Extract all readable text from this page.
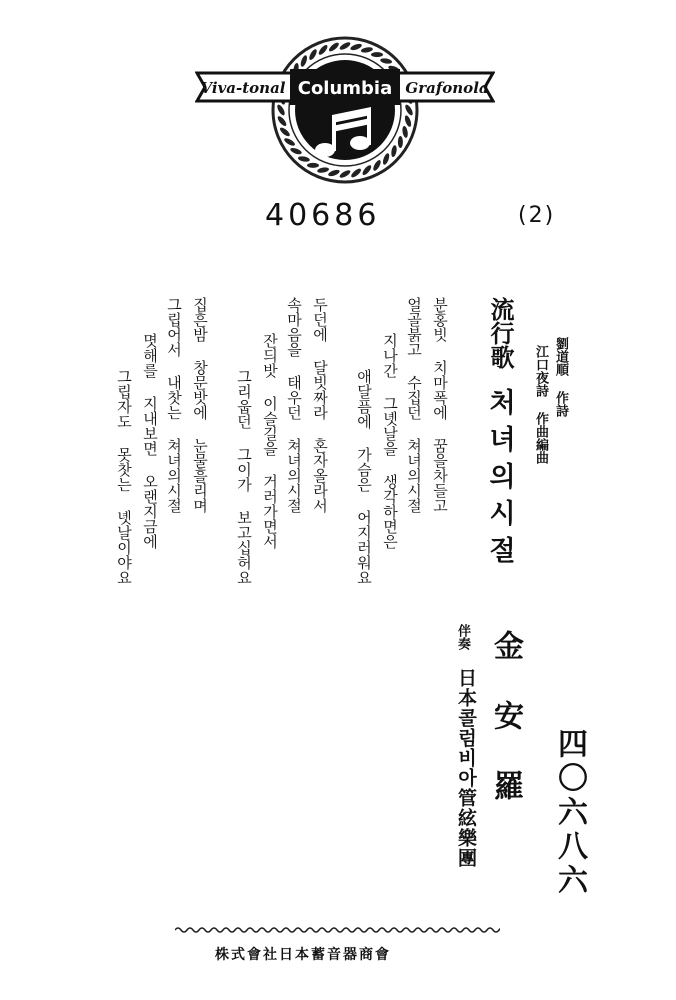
Viva-tonal Columbia Grafonola
40686	(2)
流行歌
처녀의시절
劉道順 作詩
江口夜詩 作曲編曲
분홍빗 치마폭에 꿈을차들고
얼골붉고 수집던 쳐녀의시절
지나간 그녯날을 생각하면은
애달픔에 가슴은 어지러워요
두던에 달빗짜라 혼자올라서
속마음을 태우던 쳐녀의시절
잔듸밧 이슬길을 거러가면서
그리웁던 그이가 보고십허요
집흔밤 창문밧에 눈물흘리며
그립어서 내찻는 쳐녀의시절
몃해를 지내보면 오랜지금에
그립자도 못찻는 녯날이야요
金安羅
伴奏
日本콜럼비아管絃樂團	四〇六八六
株式會社日本蓄音器商會
